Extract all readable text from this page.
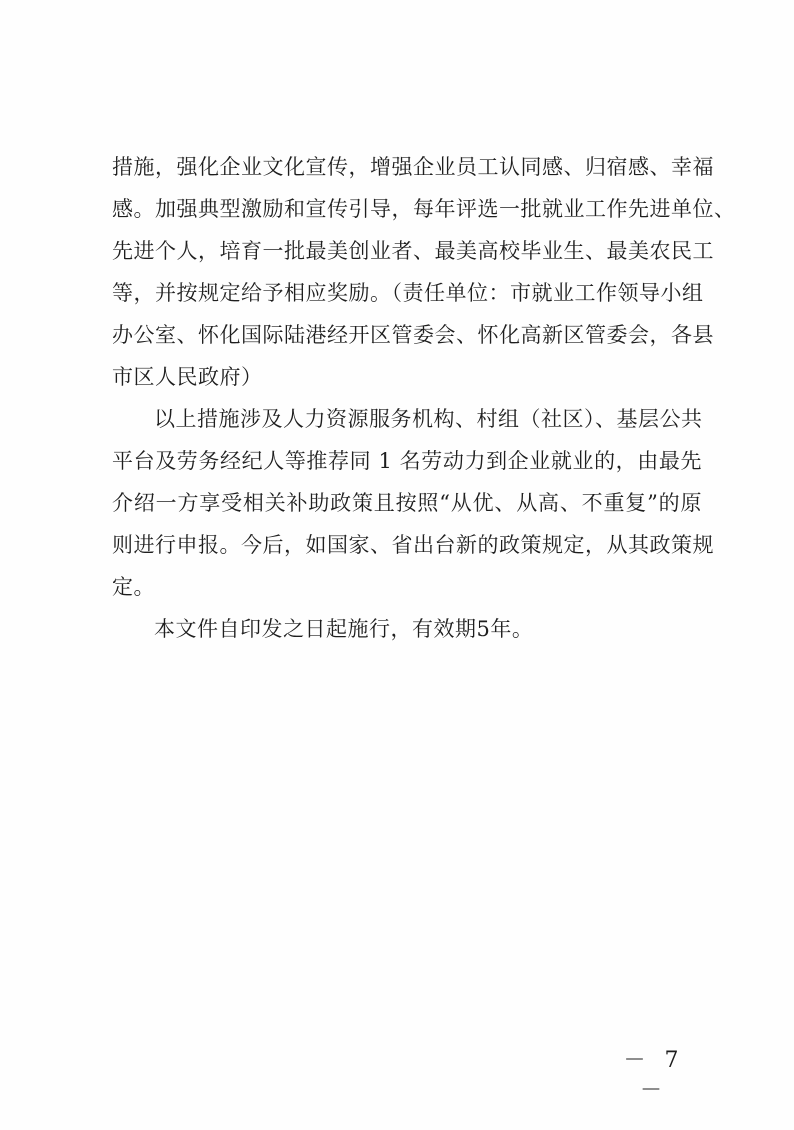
措施，强化企业文化宣传，增强企业员工认同感、归宿感、幸福
感。加强典型激励和宣传引导，每年评选一批就业工作先进单位、
先进个人，培育一批最美创业者、最美高校毕业生、最美农民工
等，并按规定给予相应奖励。（责任单位：市就业工作领导小组
办公室、怀化国际陆港经开区管委会、怀化高新区管委会，各县
市区人民政府）
以上措施涉及人力资源服务机构、村组（社区）、基层公共
平台及劳务经纪人等推荐同 1 名劳动力到企业就业的，由最先
介绍一方享受相关补助政策且按照“从优、从高、不重复”的原
则进行申报。今后，如国家、省出台新的政策规定，从其政策规
定。
本文件自印发之日起施行，有效期5年。
－ 7 －
